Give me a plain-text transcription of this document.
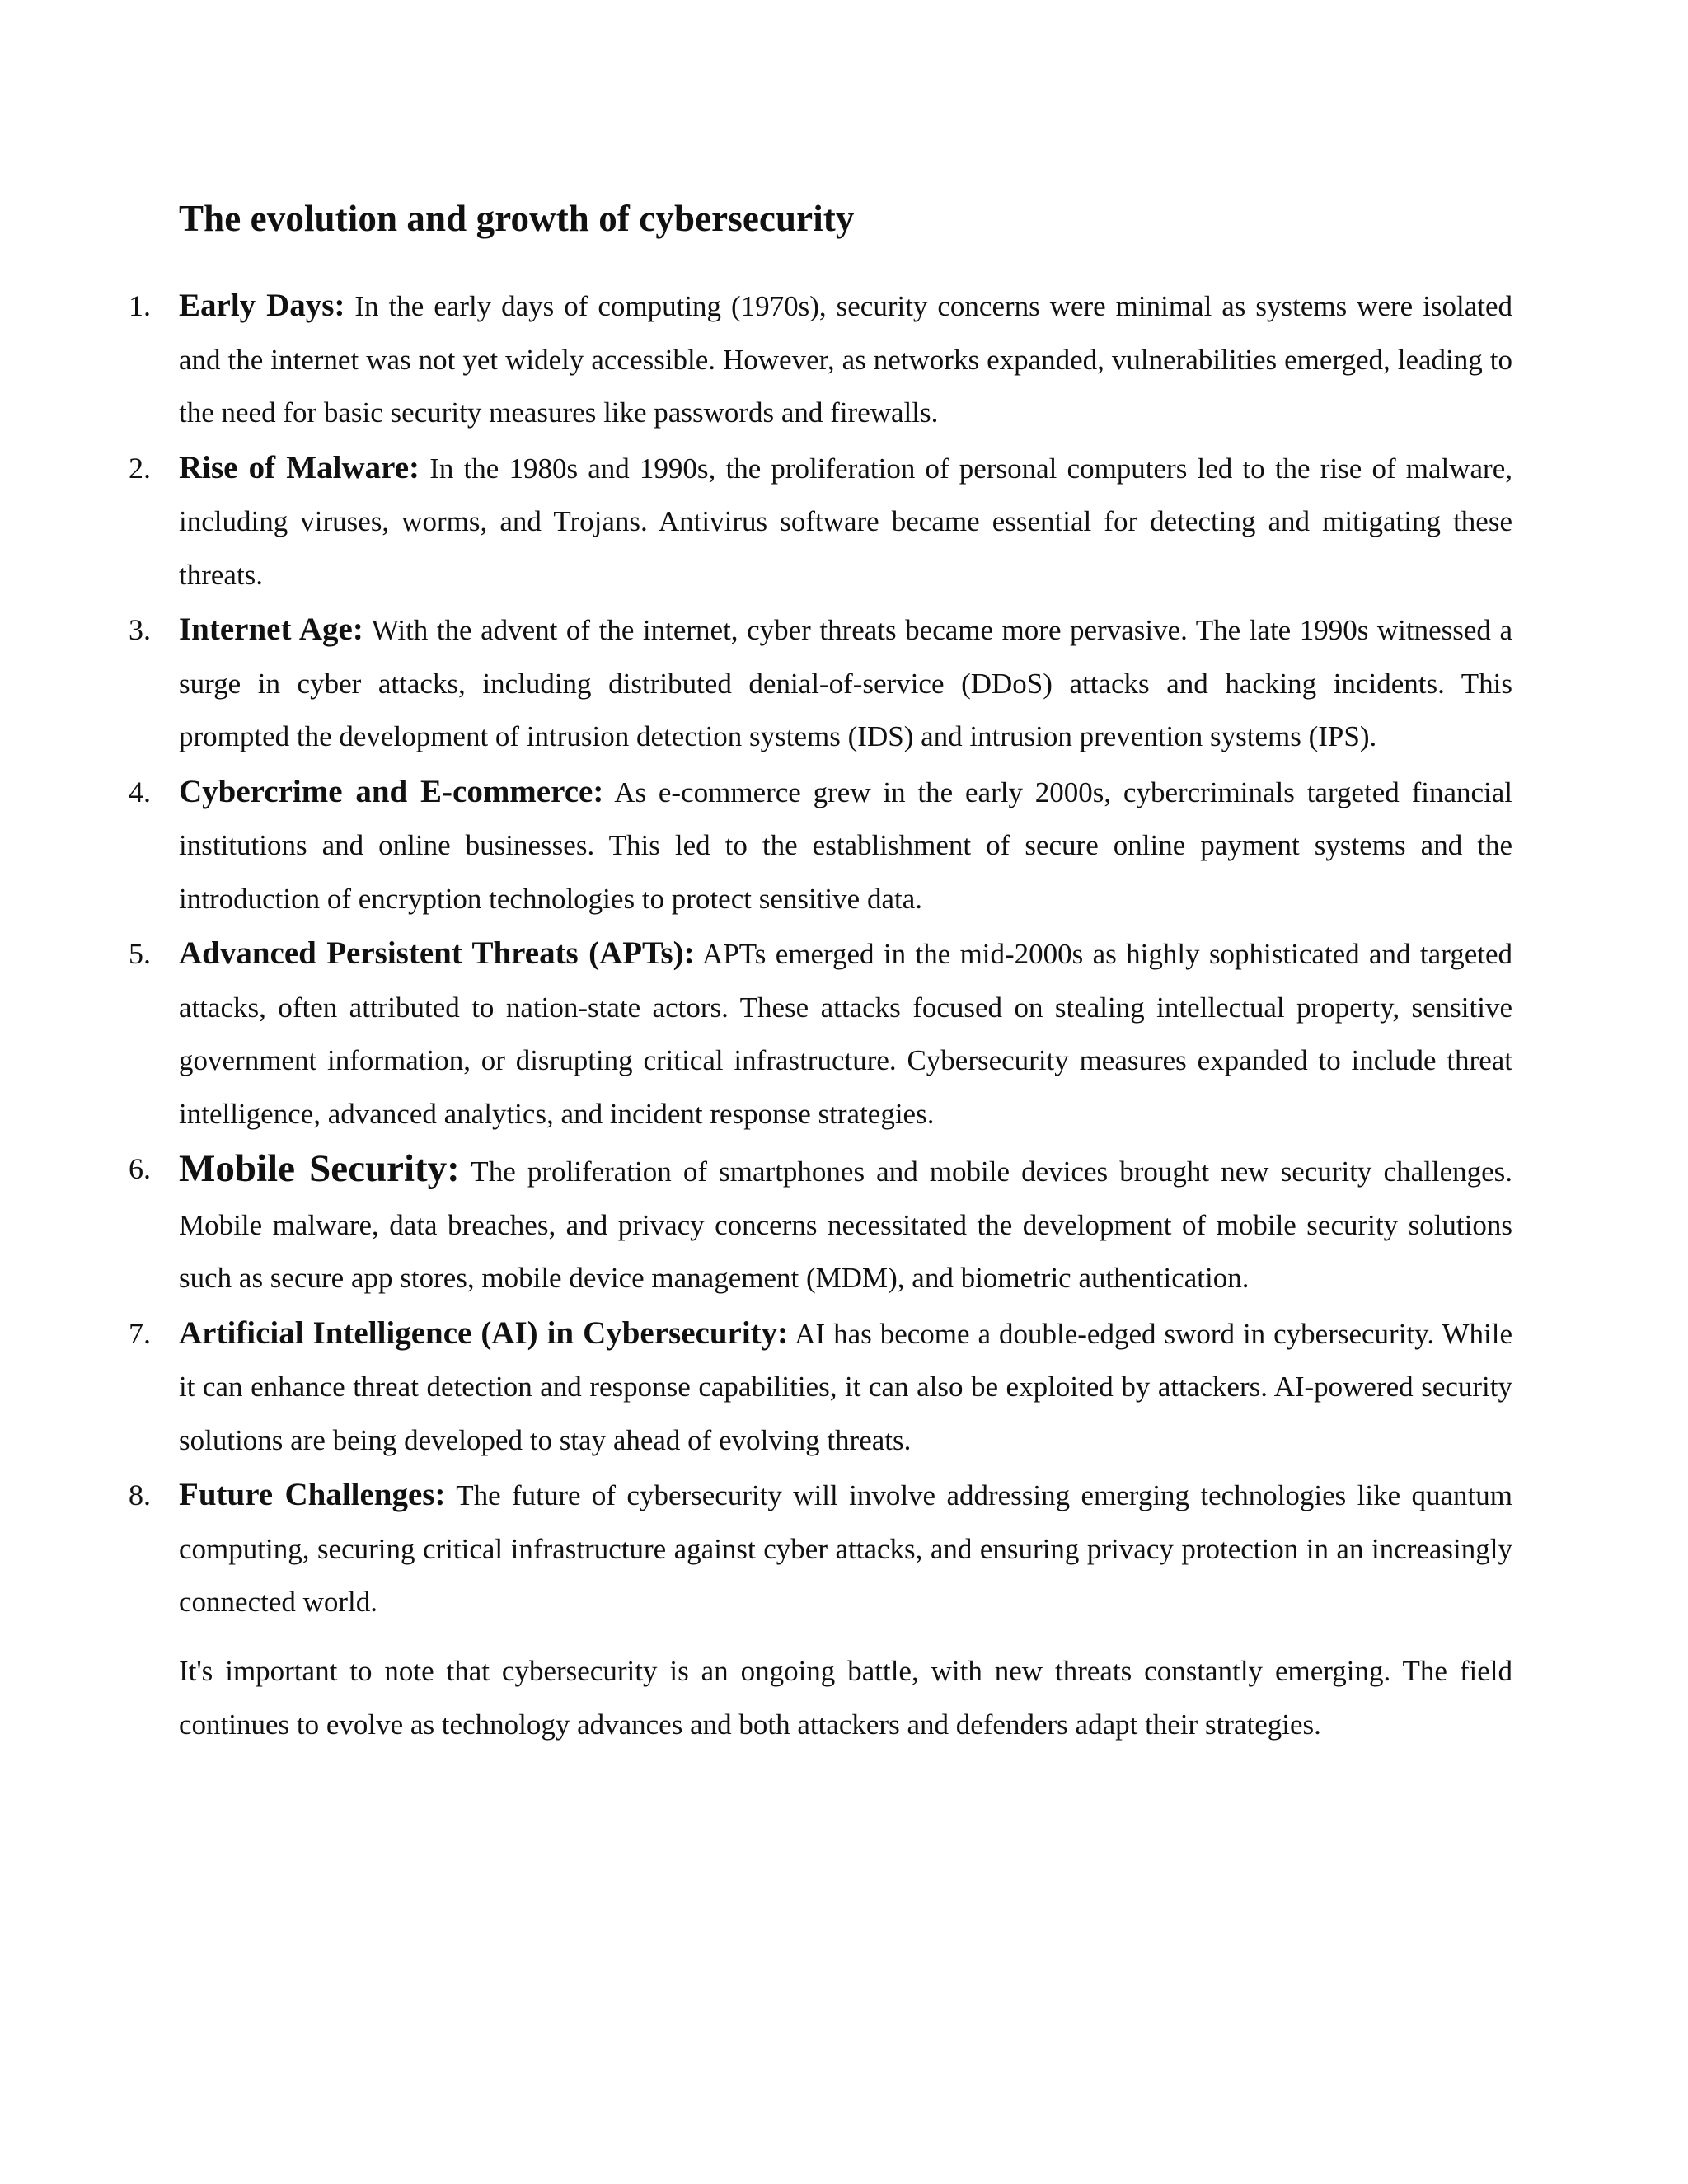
The evolution and growth of cybersecurity
1. Early Days: In the early days of computing (1970s), security concerns were minimal as systems were isolated and the internet was not yet widely accessible. However, as networks expanded, vulnerabilities emerged, leading to the need for basic security measures like passwords and firewalls.

2. Rise of Malware: In the 1980s and 1990s, the proliferation of personal computers led to the rise of malware, including viruses, worms, and Trojans. Antivirus software became essential for detecting and mitigating these threats.

3. Internet Age: With the advent of the internet, cyber threats became more pervasive. The late 1990s witnessed a surge in cyber attacks, including distributed denial-of-service (DDoS) attacks and hacking incidents. This prompted the development of intrusion detection systems (IDS) and intrusion prevention systems (IPS).

4. Cybercrime and E-commerce: As e-commerce grew in the early 2000s, cybercriminals targeted financial institutions and online businesses. This led to the establishment of secure online payment systems and the introduction of encryption technologies to protect sensitive data.

5. Advanced Persistent Threats (APTs): APTs emerged in the mid-2000s as highly sophisticated and targeted attacks, often attributed to nation-state actors. These attacks focused on stealing intellectual property, sensitive government information, or disrupting critical infrastructure. Cybersecurity measures expanded to include threat intelligence, advanced analytics, and incident response strategies.

6. Mobile Security: The proliferation of smartphones and mobile devices brought new security challenges. Mobile malware, data breaches, and privacy concerns necessitated the development of mobile security solutions such as secure app stores, mobile device management (MDM), and biometric authentication.

7. Artificial Intelligence (AI) in Cybersecurity: AI has become a double-edged sword in cybersecurity. While it can enhance threat detection and response capabilities, it can also be exploited by attackers. AI-powered security solutions are being developed to stay ahead of evolving threats.

8. Future Challenges: The future of cybersecurity will involve addressing emerging technologies like quantum computing, securing critical infrastructure against cyber attacks, and ensuring privacy protection in an increasingly connected world.

It's important to note that cybersecurity is an ongoing battle, with new threats constantly emerging. The field continues to evolve as technology advances and both attackers and defenders adapt their strategies.
